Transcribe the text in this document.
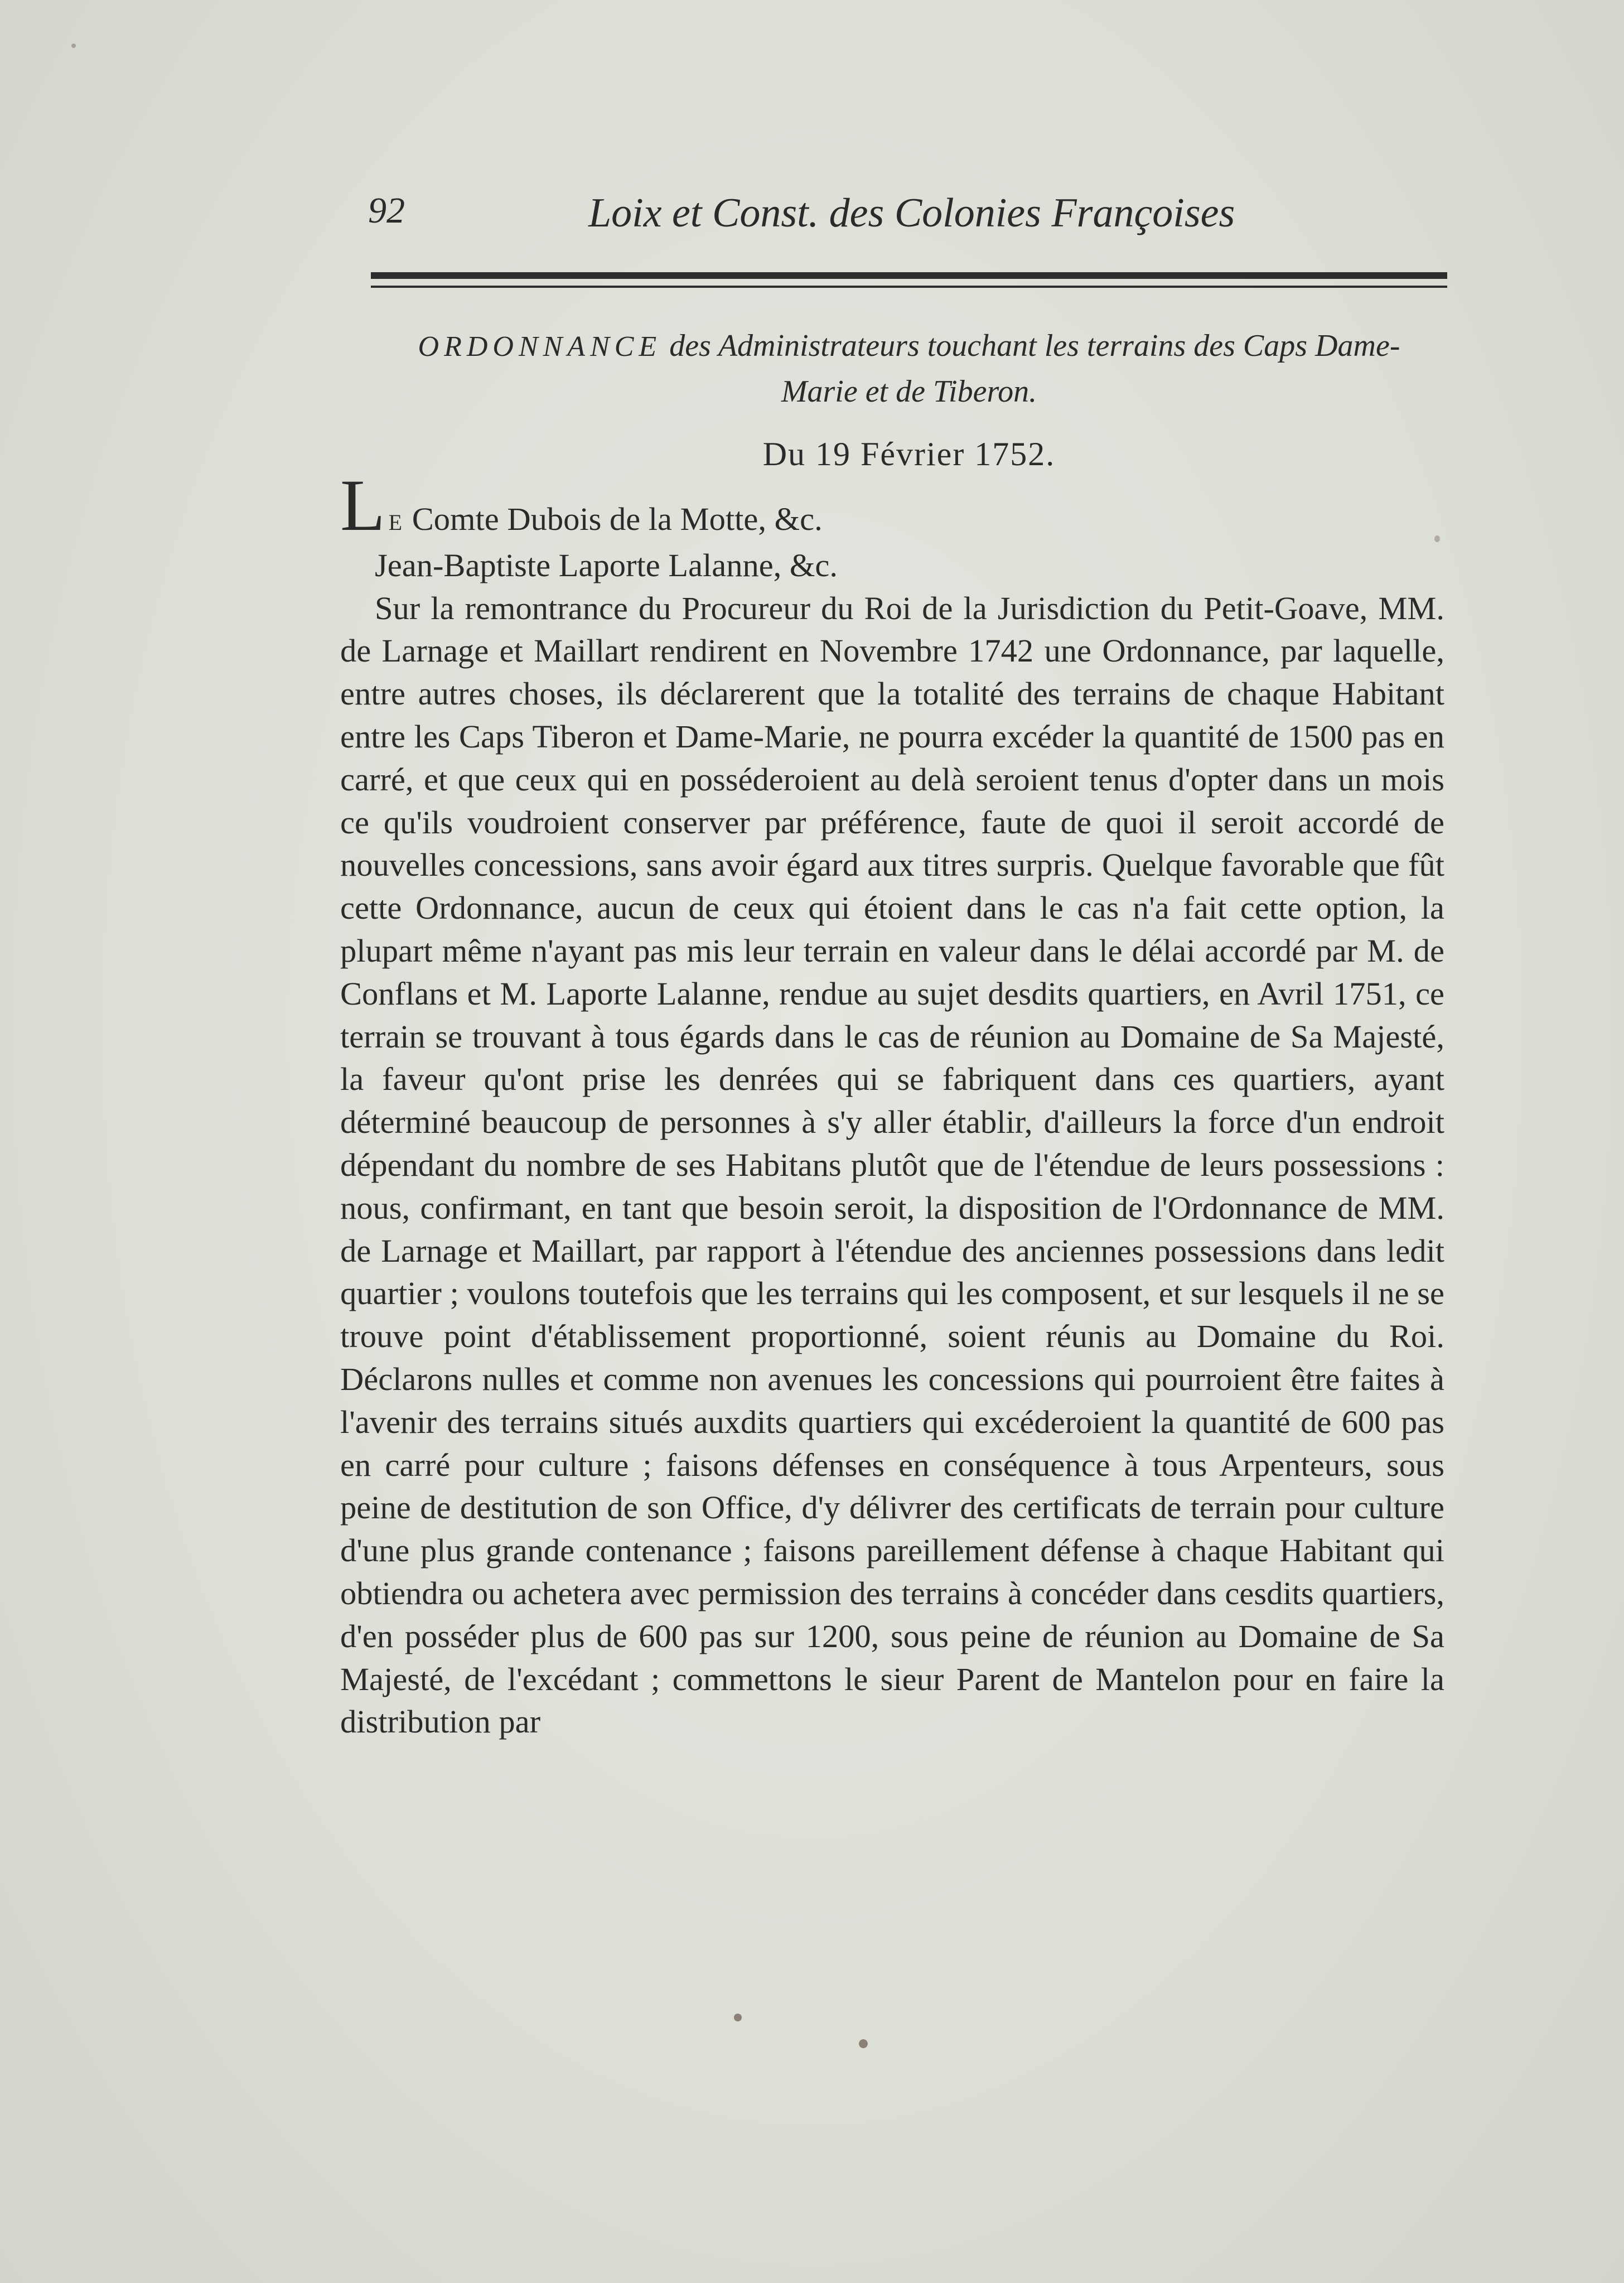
92	Loix et Const. des Colonies Françoises
ORDONNANCE des Administrateurs touchant les terrains des Caps Dame-Marie et de Tiberon.
Du 19 Février 1752.

L E Comte Dubois de la Motte, &c.

Jean-Baptiste Laporte Lalanne, &c.

Sur la remontrance du Procureur du Roi de la Jurisdiction du Petit-Goave, MM. de Larnage et Maillart rendirent en Novembre 1742 une Ordonnance, par laquelle, entre autres choses, ils déclarerent que la totalité des terrains de chaque Habitant entre les Caps Tiberon et Dame-Marie, ne pourra excéder la quantité de 1500 pas en carré, et que ceux qui en posséderoient au delà seroient tenus d'opter dans un mois ce qu'ils voudroient conserver par préférence, faute de quoi il seroit accordé de nouvelles concessions, sans avoir égard aux titres surpris. Quelque favorable que fût cette Ordonnance, aucun de ceux qui étoient dans le cas n'a fait cette option, la plupart même n'ayant pas mis leur terrain en valeur dans le délai accordé par M. de Conflans et M. Laporte Lalanne, rendue au sujet desdits quartiers, en Avril 1751, ce terrain se trouvant à tous égards dans le cas de réunion au Domaine de Sa Majesté, la faveur qu'ont prise les denrées qui se fabriquent dans ces quartiers, ayant déterminé beaucoup de personnes à s'y aller établir, d'ailleurs la force d'un endroit dépendant du nombre de ses Habitans plutôt que de l'étendue de leurs possessions : nous, confirmant, en tant que besoin seroit, la disposition de l'Ordonnance de MM. de Larnage et Maillart, par rapport à l'étendue des anciennes possessions dans ledit quartier ; voulons toutefois que les terrains qui les composent, et sur lesquels il ne se trouve point d'établissement proportionné, soient réunis au Domaine du Roi. Déclarons nulles et comme non avenues les concessions qui pourroient être faites à l'avenir des terrains situés auxdits quartiers qui excéderoient la quantité de 600 pas en carré pour culture ; faisons défenses en conséquence à tous Arpenteurs, sous peine de destitution de son Office, d'y délivrer des certificats de terrain pour culture d'une plus grande contenance ; faisons pareillement défense à chaque Habitant qui obtiendra ou achetera avec permission des terrains à concéder dans cesdits quartiers, d'en posséder plus de 600 pas sur 1200, sous peine de réunion au Domaine de Sa Majesté, de l'excédant ; commettons le sieur Parent de Mantelon pour en faire la distribution par
